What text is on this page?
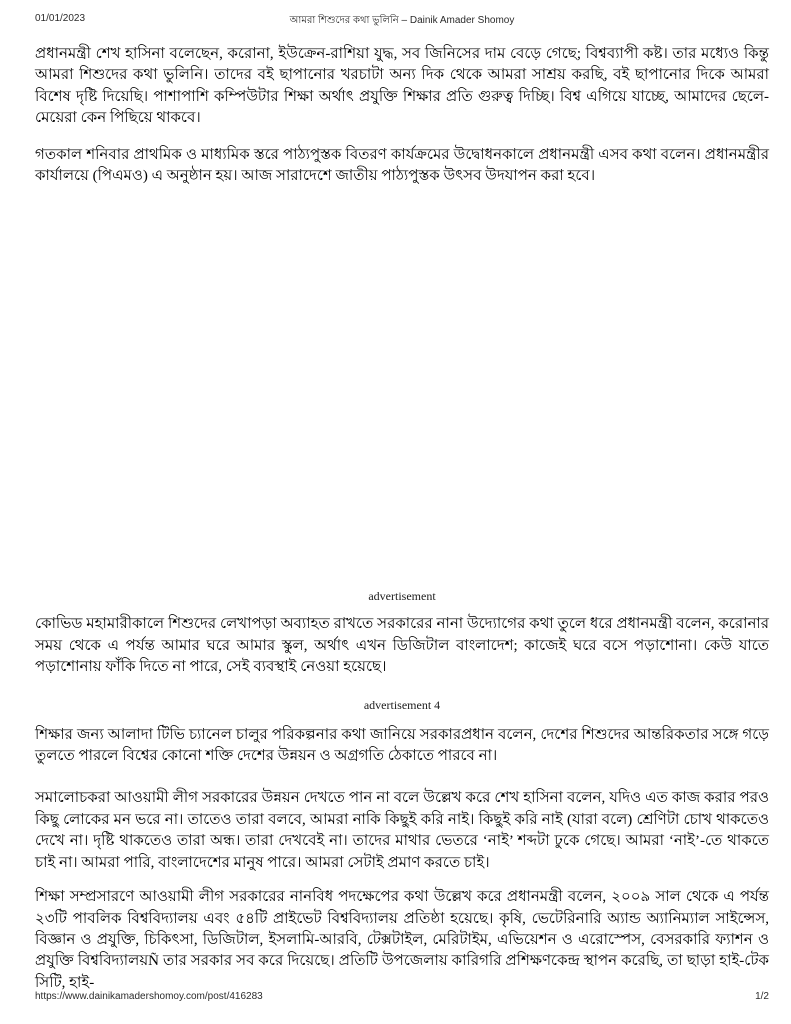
01/01/2023	আমরা শিশুদের কথা ভুলিনি – Dainik Amader Shomoy

প্রধানমন্ত্রী শেখ হাসিনা বলেছেন, করোনা, ইউক্রেন-রাশিয়া যুদ্ধ, সব জিনিসের দাম বেড়ে গেছে; বিশ্বব্যাপী কষ্ট। তার মধ্যেও কিন্তু আমরা শিশুদের কথা ভুলিনি। তাদের বই ছাপানোর খরচাটা অন্য দিক থেকে আমরা সাশ্রয় করছি, বই ছাপানোর দিকে আমরা বিশেষ দৃষ্টি দিয়েছি। পাশাপাশি কম্পিউটার শিক্ষা অর্থাৎ প্রযুক্তি শিক্ষার প্রতি গুরুত্ব দিচ্ছি। বিশ্ব এগিয়ে যাচ্ছে, আমাদের ছেলে-মেয়েরা কেন পিছিয়ে থাকবে।

গতকাল শনিবার প্রাথমিক ও মাধ্যমিক স্তরে পাঠ্যপুস্তক বিতরণ কার্যক্রমের উদ্বোধনকালে প্রধানমন্ত্রী এসব কথা বলেন। প্রধানমন্ত্রীর কার্যালয়ে (পিএমও) এ অনুষ্ঠান হয়। আজ সারাদেশে জাতীয় পাঠ্যপুস্তক উৎসব উদযাপন করা হবে।

advertisement

কোভিড মহামারীকালে শিশুদের লেখাপড়া অব্যাহত রাখতে সরকারের নানা উদ্যোগের কথা তুলে ধরে প্রধানমন্ত্রী বলেন, করোনার সময় থেকে এ পর্যন্ত আমার ঘরে আমার স্কুল, অর্থাৎ এখন ডিজিটাল বাংলাদেশ; কাজেই ঘরে বসে পড়াশোনা। কেউ যাতে পড়াশোনায় ফাঁকি দিতে না পারে, সেই ব্যবস্থাই নেওয়া হয়েছে।

advertisement 4

শিক্ষার জন্য আলাদা টিভি চ্যানেল চালুর পরিকল্পনার কথা জানিয়ে সরকারপ্রধান বলেন, দেশের শিশুদের আন্তরিকতার সঙ্গে গড়ে তুলতে পারলে বিশ্বের কোনো শক্তি দেশের উন্নয়ন ও অগ্রগতি ঠেকাতে পারবে না।

সমালোচকরা আওয়ামী লীগ সরকারের উন্নয়ন দেখতে পান না বলে উল্লেখ করে শেখ হাসিনা বলেন, যদিও এত কাজ করার পরও কিছু লোকের মন ভরে না। তাতেও তারা বলবে, আমরা নাকি কিছুই করি নাই। কিছুই করি নাই (যারা বলে) শ্রেণিটা চোখ থাকতেও দেখে না। দৃষ্টি থাকতেও তারা অন্ধ। তারা দেখবেই না। তাদের মাথার ভেতরে ‘নাই’ শব্দটা ঢুকে গেছে। আমরা ‘নাই’-তে থাকতে চাই না। আমরা পারি, বাংলাদেশের মানুষ পারে। আমরা সেটাই প্রমাণ করতে চাই।

শিক্ষা সম্প্রসারণে আওয়ামী লীগ সরকারের নানবিধ পদক্ষেপের কথা উল্লেখ করে প্রধানমন্ত্রী বলেন, ২০০৯ সাল থেকে এ পর্যন্ত ২৩টি পাবলিক বিশ্ববিদ্যালয় এবং ৫৪টি প্রাইভেট বিশ্ববিদ্যালয় প্রতিষ্ঠা হয়েছে। কৃষি, ভেটেরিনারি অ্যান্ড অ্যানিম্যাল সাইন্সেস, বিজ্ঞান ও প্রযুক্তি, চিকিৎসা, ডিজিটাল, ইসলামি-আরবি, টেক্সটাইল, মেরিটাইম, এভিয়েশন ও এরোস্পেস, বেসরকারি ফ্যাশন ও প্রযুক্তি বিশ্ববিদ্যালয়Ñ তার সরকার সব করে দিয়েছে। প্রতিটি উপজেলায় কারিগরি প্রশিক্ষণকেন্দ্র স্থাপন করেছি, তা ছাড়া হাই-টেক সিটি, হাই-

https://www.dainikamadershomoy.com/post/416283	1/2
